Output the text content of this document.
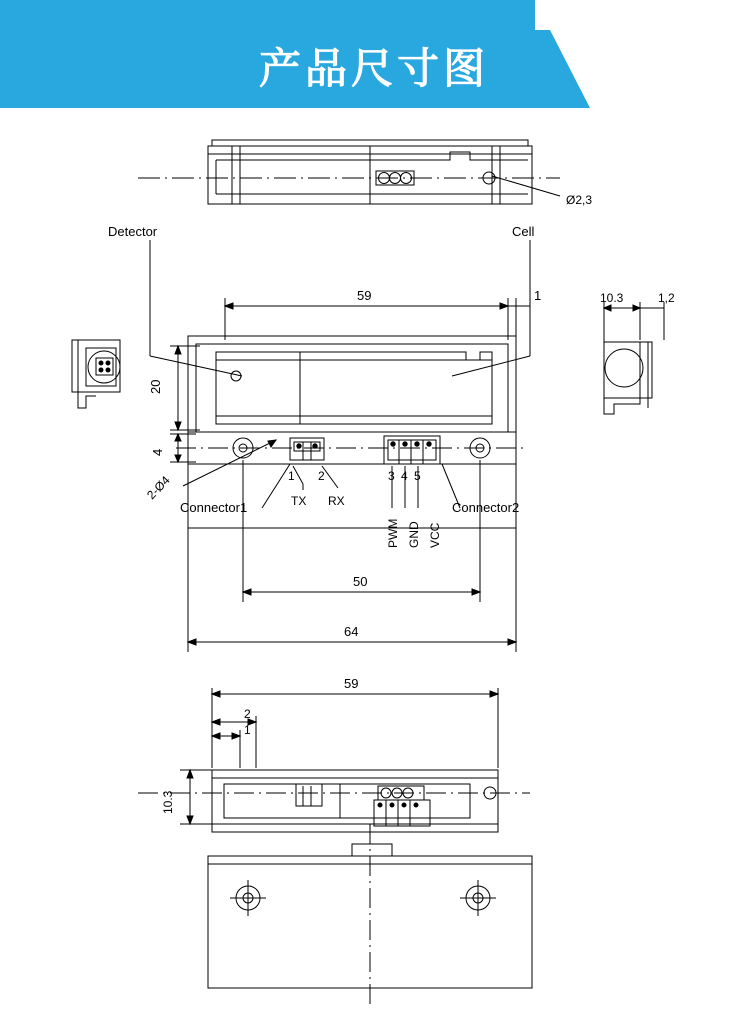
产品尺寸图
Ø2,3
Detector	Cell
59	1
20
4
2-Ø4	1 2	3 4 5
TX RX
PWM GND VCC
Connector1	Connector2
50
64
10.3	1,2
59
2
1
10.3
